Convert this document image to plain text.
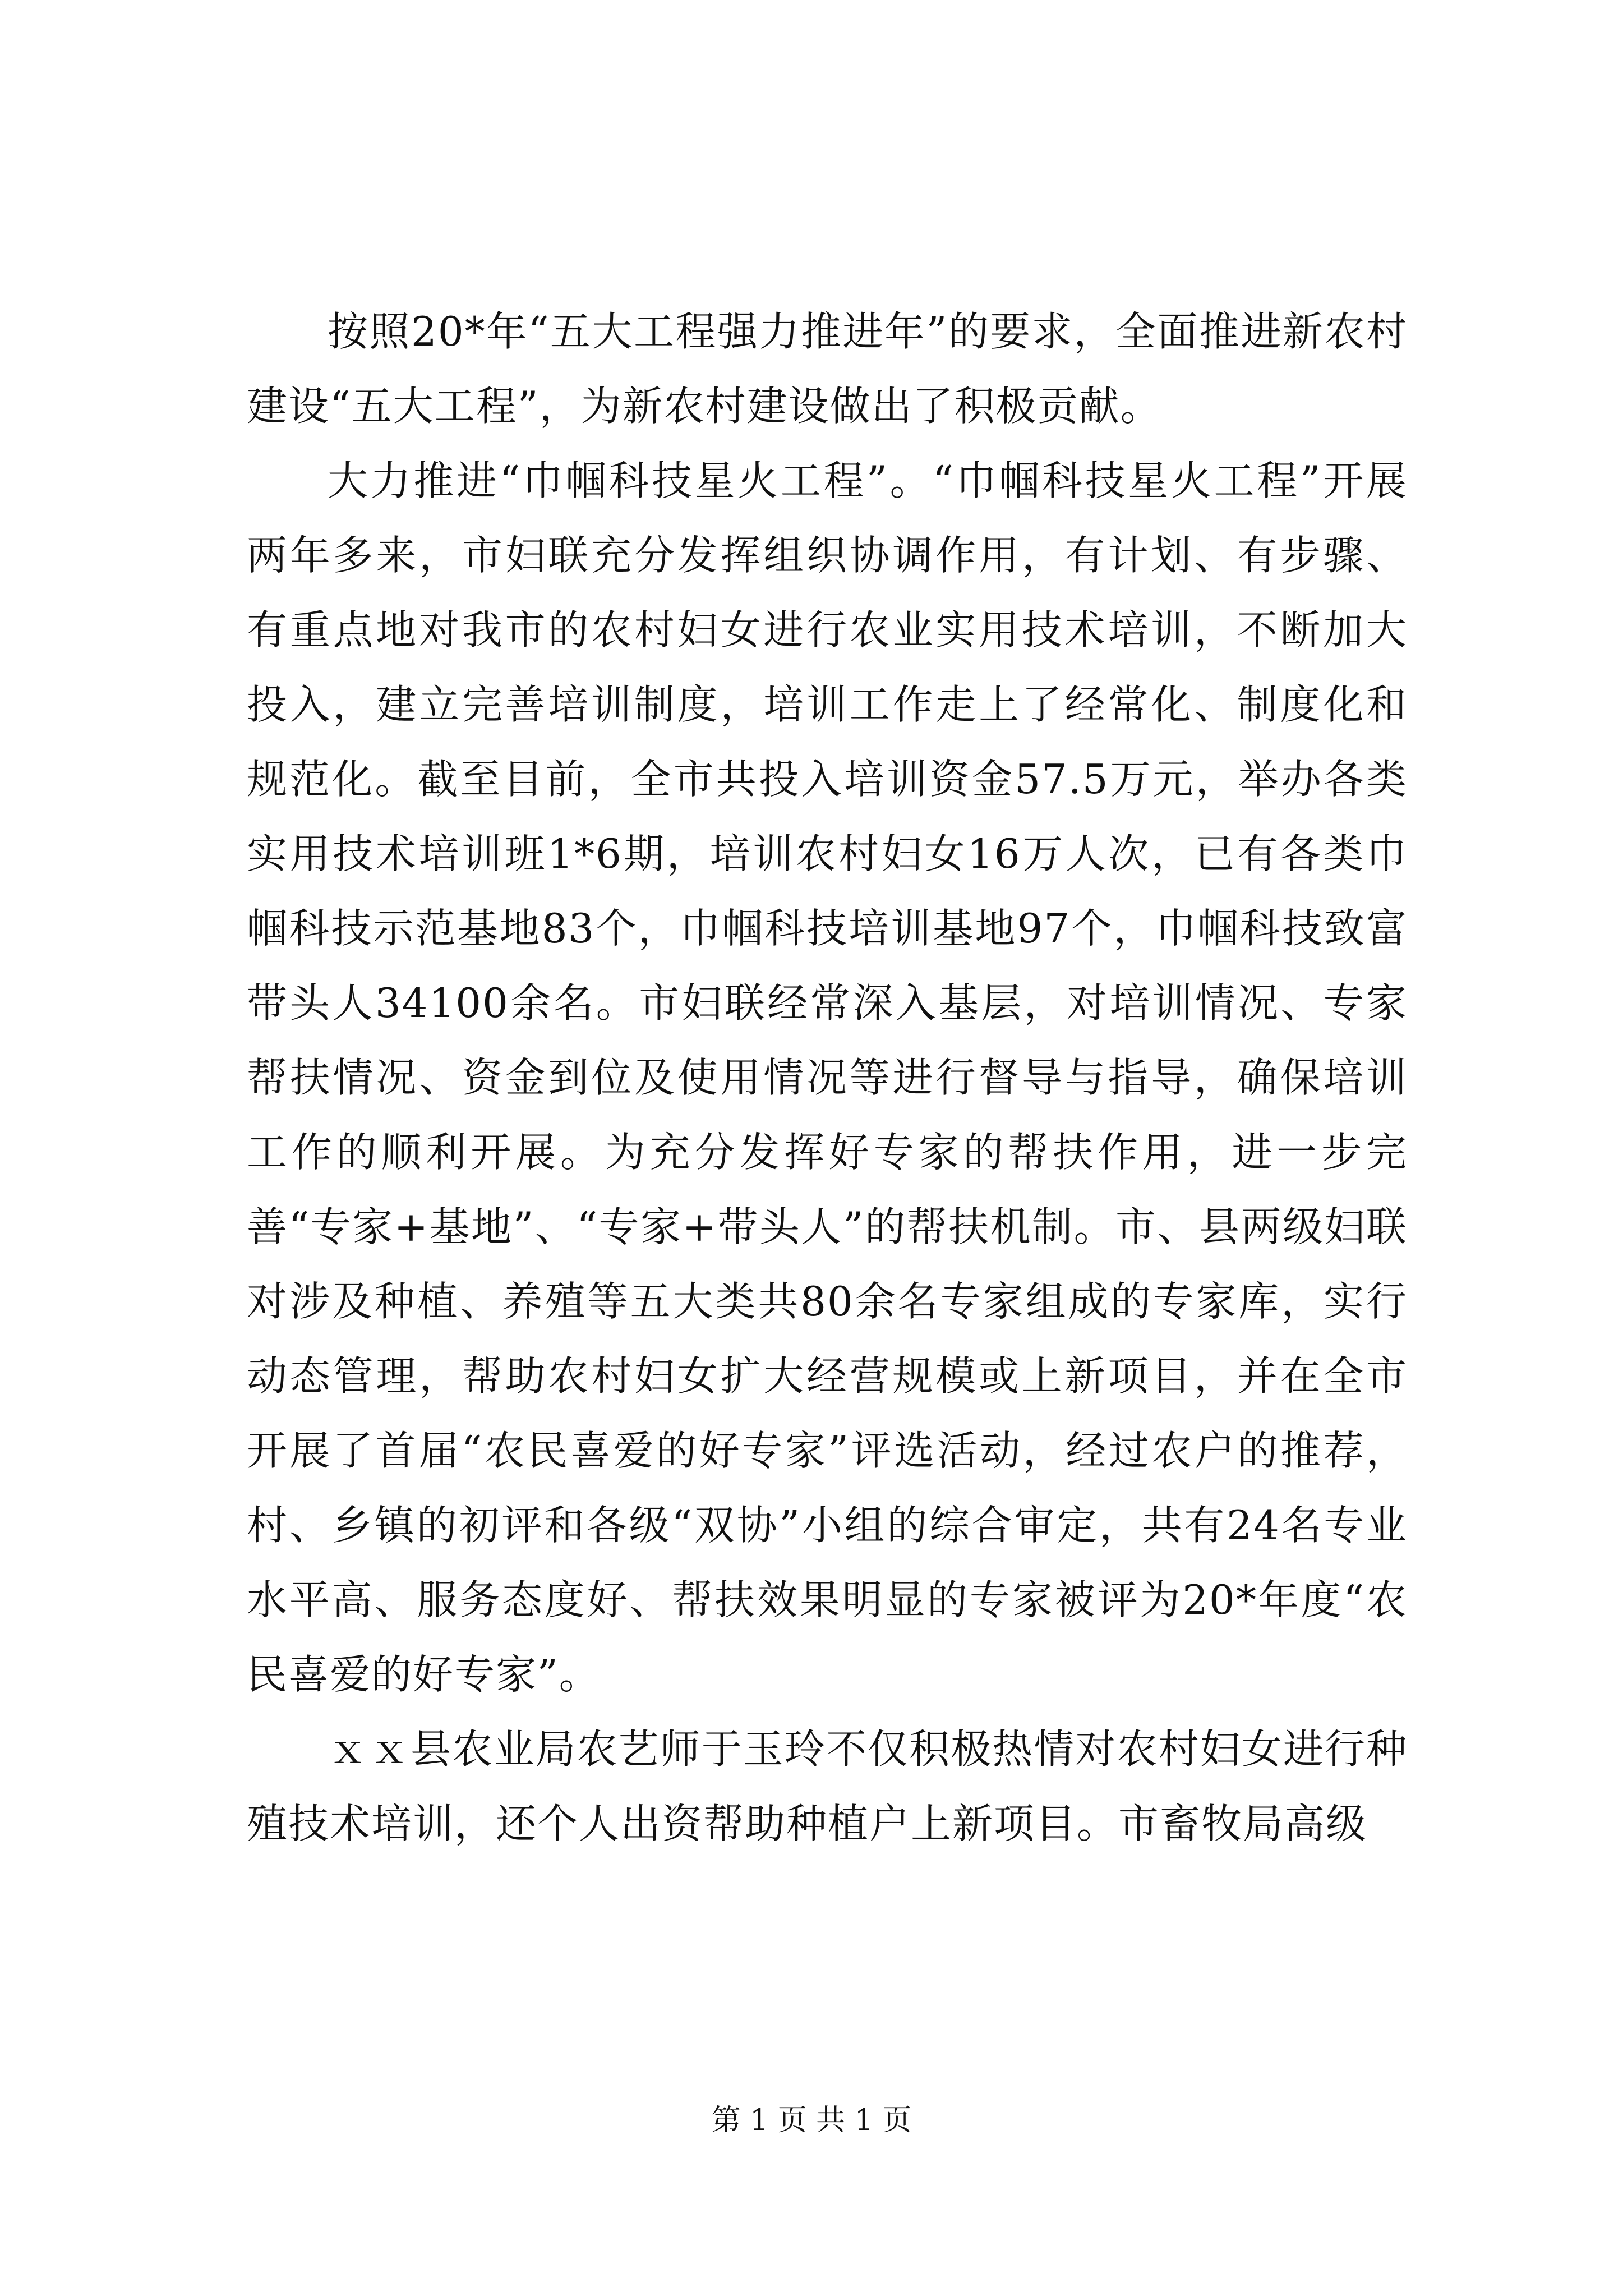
按照20*年“五大工程强力推进年”的要求，全面推进新农村建设“五大工程”，为新农村建设做出了积极贡献。

大力推进“巾帼科技星火工程”。“巾帼科技星火工程”开展两年多来，市妇联充分发挥组织协调作用，有计划、有步骤、有重点地对我市的农村妇女进行农业实用技术培训，不断加大投入，建立完善培训制度，培训工作走上了经常化、制度化和规范化。截至目前，全市共投入培训资金57.5万元，举办各类实用技术培训班1*6期，培训农村妇女16万人次，已有各类巾帼科技示范基地83个，巾帼科技培训基地97个，巾帼科技致富带头人34100余名。市妇联经常深入基层，对培训情况、专家帮扶情况、资金到位及使用情况等进行督导与指导，确保培训工作的顺利开展。为充分发挥好专家的帮扶作用，进一步完善“专家+基地”、“专家+带头人”的帮扶机制。市、县两级妇联对涉及种植、养殖等五大类共80余名专家组成的专家库，实行动态管理，帮助农村妇女扩大经营规模或上新项目，并在全市开展了首届“农民喜爱的好专家”评选活动，经过农户的推荐，村、乡镇的初评和各级“双协”小组的综合审定，共有24名专业水平高、服务态度好、帮扶效果明显的专家被评为20*年度“农民喜爱的好专家”。

ｘｘ县农业局农艺师于玉玲不仅积极热情对农村妇女进行种殖技术培训，还个人出资帮助种植户上新项目。市畜牧局高级

第 1 页 共 1 页
